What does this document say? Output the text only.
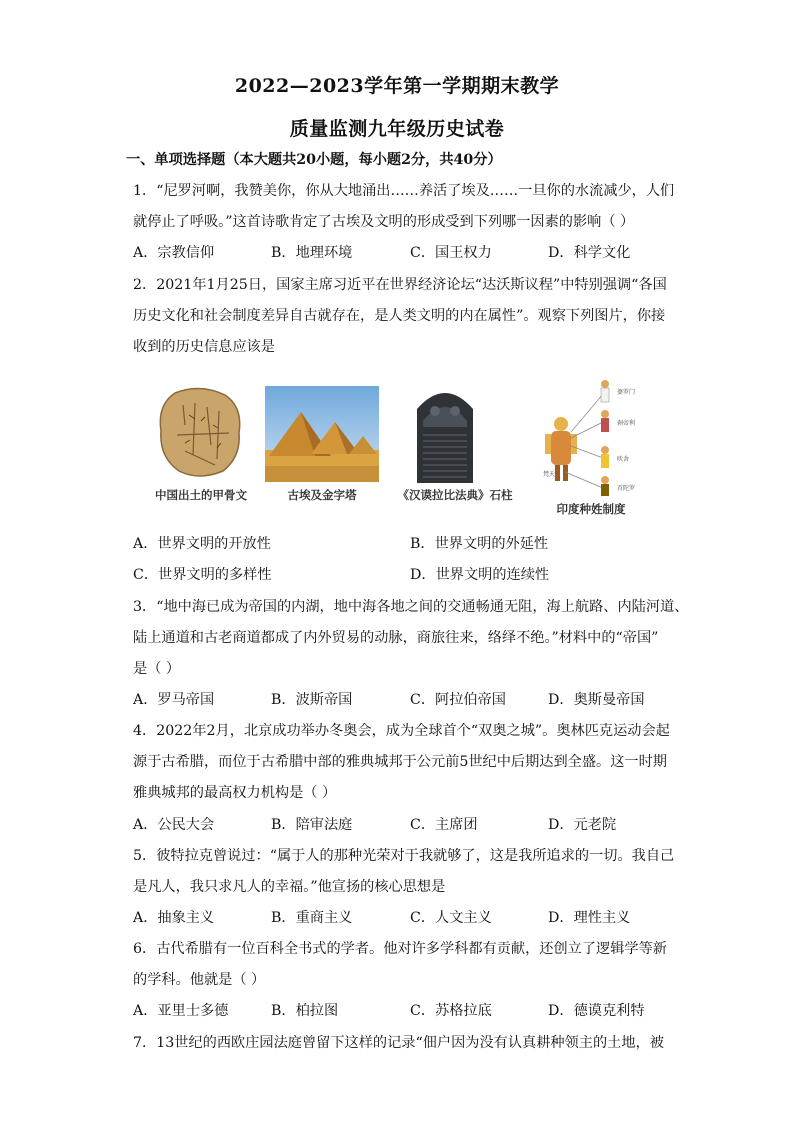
2022—2023学年第一学期期末教学
质量监测九年级历史试卷
一、单项选择题（本大题共20小题，每小题2分，共40分）
1．“尼罗河啊，我赞美你，你从大地涌出……养活了埃及……一旦你的水流减少，人们
就停止了呼吸。”这首诗歌肯定了古埃及文明的形成受到下列哪一因素的影响（ ）
A．宗教信仰	B．地理环境	C．国王权力	D．科学文化
2．2021年1月25日，国家主席习近平在世界经济论坛“达沃斯议程”中特别强调“各国
历史文化和社会制度差异自古就存在，是人类文明的内在属性”。观察下列图片，你接
收到的历史信息应该是
中国出土的甲骨文	古埃及金字塔	《汉谟拉比法典》石柱
婆罗门
刹帝利
吠舍
首陀罗
梵天
印度种姓制度
A．世界文明的开放性	B．世界文明的外延性
C．世界文明的多样性	D．世界文明的连续性
3．“地中海已成为帝国的内湖，地中海各地之间的交通畅通无阻，海上航路、内陆河道、
陆上通道和古老商道都成了内外贸易的动脉，商旅往来，络绎不绝。”材料中的“帝国”
是（ ）
A．罗马帝国	B．波斯帝国	C．阿拉伯帝国	D．奥斯曼帝国
4．2022年2月，北京成功举办冬奥会，成为全球首个“双奥之城”。奥林匹克运动会起
源于古希腊，而位于古希腊中部的雅典城邦于公元前5世纪中后期达到全盛。这一时期
雅典城邦的最高权力机构是（ ）
A．公民大会	B．陪审法庭	C．主席团	D．元老院
5．彼特拉克曾说过：“属于人的那种光荣对于我就够了，这是我所追求的一切。我自己
是凡人，我只求凡人的幸福。”他宣扬的核心思想是
A．抽象主义	B．重商主义	C．人文主义	D．理性主义
6．古代希腊有一位百科全书式的学者。他对许多学科都有贡献，还创立了逻辑学等新
的学科。他就是（ ）
A．亚里士多德	B．柏拉图	C．苏格拉底	D．德谟克利特
7．13世纪的西欧庄园法庭曾留下这样的记录“佃户因为没有认真耕种领主的土地，被
